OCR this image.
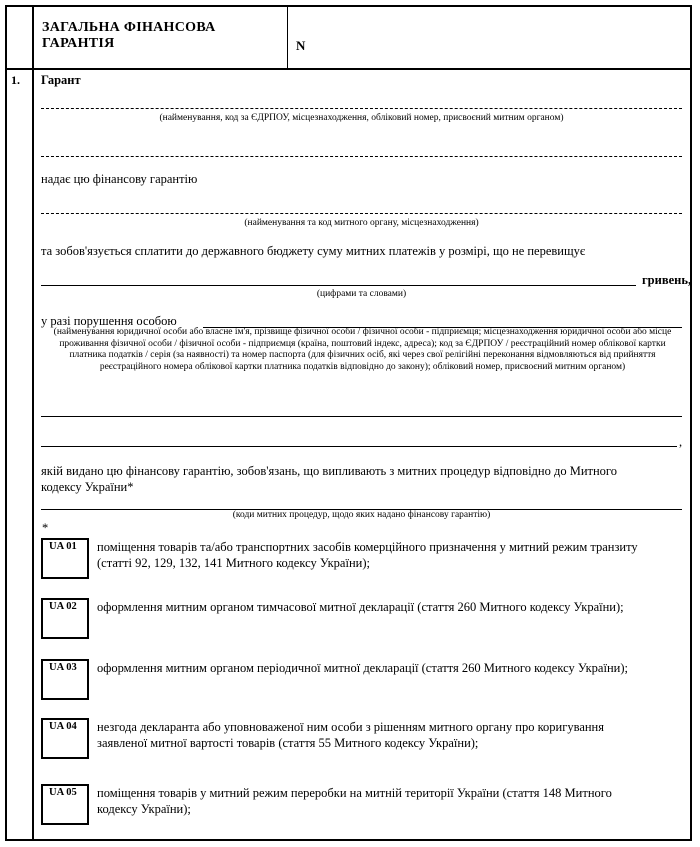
ЗАГАЛЬНА ФІНАНСОВА
ГАРАНТІЯ	N
1. Гарант
(найменування, код за ЄДРПОУ, місцезнаходження, обліковий номер, присвоєний митним органом)
надає цю фінансову гарантію
(найменування та код митного органу, місцезнаходження)
та зобов'язується сплатити до державного бюджету суму митних платежів у розмірі, що не перевищує
гривень,
(цифрами та словами)
у разі порушення особою
(найменування юридичної особи або власне ім'я, прізвище фізичної особи / фізичної особи - підприємця; місцезнаходження юридичної особи або місце проживання фізичної особи / фізичної особи - підприємця (країна, поштовий індекс, адреса); код за ЄДРПОУ / реєстраційний номер облікової картки платника податків / серія (за наявності) та номер паспорта (для фізичних осіб, які через свої релігійні переконання відмовляються від прийняття реєстраційного номера облікової картки платника податків відповідно до закону); обліковий номер, присвоєний митним органом)
,
якій видано цю фінансову гарантію, зобов'язань, що випливають з митних процедур відповідно до Митного
кодексу України*
(коди митних процедур, щодо яких надано фінансову гарантію)
*
UA 01 поміщення товарів та/або транспортних засобів комерційного призначення у митний режим транзиту
(статті 92, 129, 132, 141 Митного кодексу України);
UA 02 оформлення митним органом тимчасової митної декларації (стаття 260 Митного кодексу України);
UA 03 оформлення митним органом періодичної митної декларації (стаття 260 Митного кодексу України);
UA 04 незгода декларанта або уповноваженої ним особи з рішенням митного органу про коригування
заявленої митної вартості товарів (стаття 55 Митного кодексу України);
UA 05 поміщення товарів у митний режим переробки на митній території України (стаття 148 Митного
кодексу України);
